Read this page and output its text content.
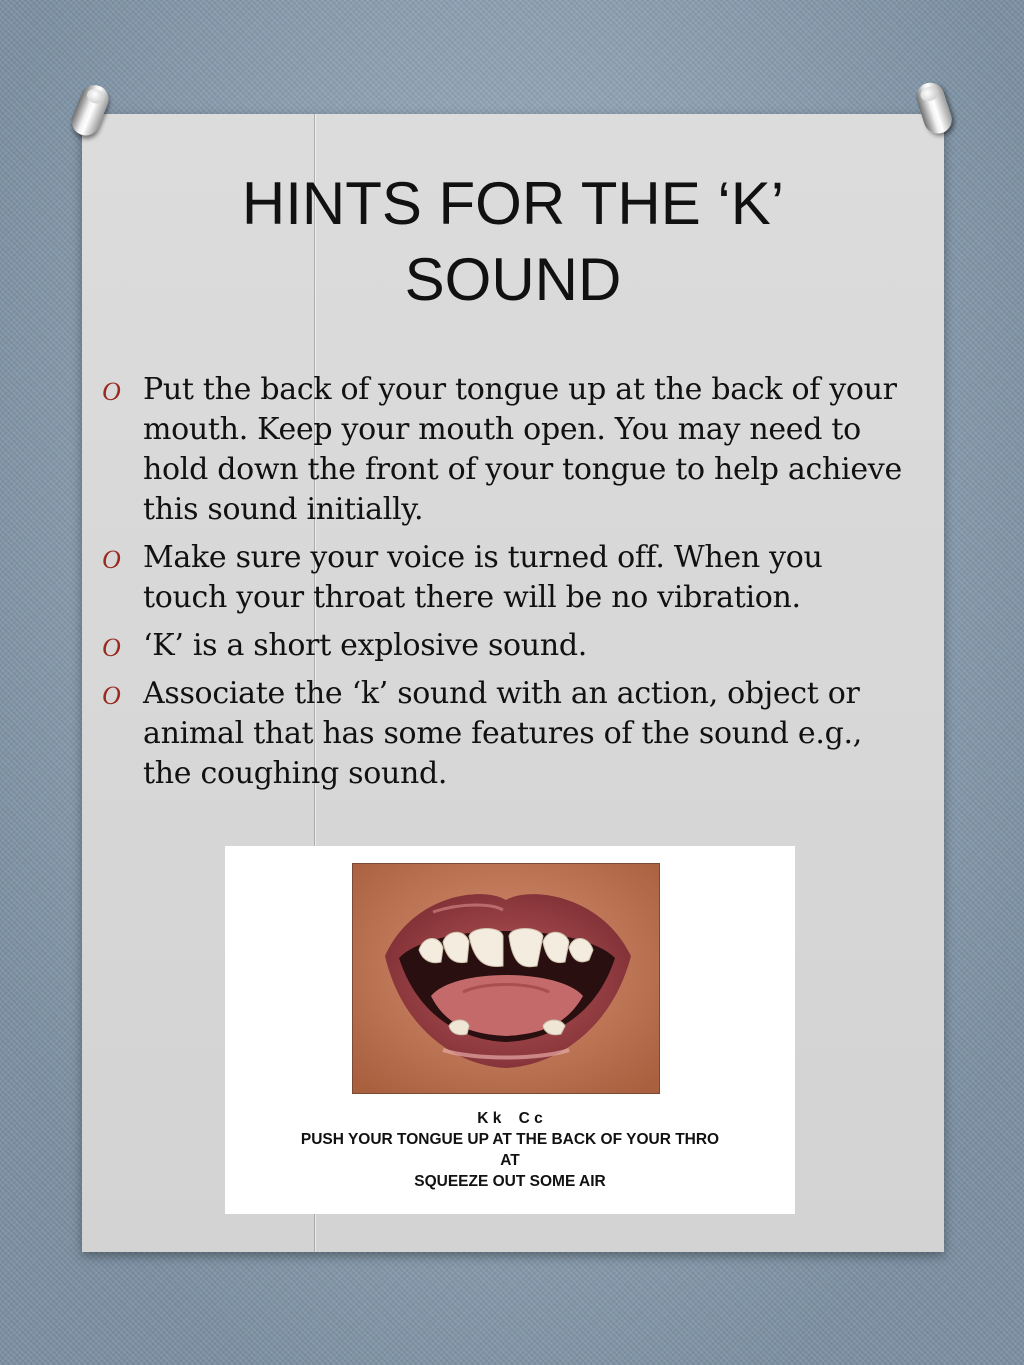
HINTS FOR THE ‘K’
SOUND
O Put the back of your tongue up at the back of your mouth. Keep your mouth open. You may need to hold down the front of your tongue to help achieve this sound initially.
O Make sure your voice is turned off. When you touch your throat there will be no vibration.
O ‘K’ is a short explosive sound.
O Associate the ‘k’ sound with an action, object or animal that has some features of the sound e.g., the coughing sound.
K k    C c
PUSH YOUR TONGUE UP AT THE BACK OF YOUR THRO
AT
SQUEEZE OUT SOME AIR
